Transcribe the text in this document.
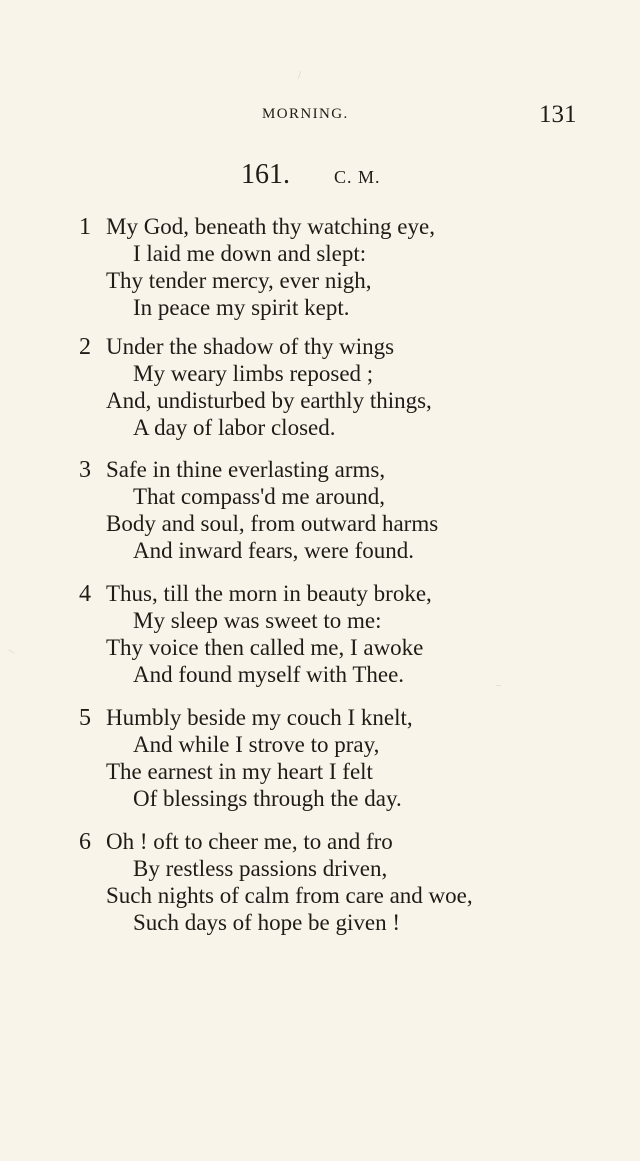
MORNING.	131
161. C. M.
1 My God, beneath thy watching eye,
I laid me down and slept:
Thy tender mercy, ever nigh,
In peace my spirit kept.
2 Under the shadow of thy wings
My weary limbs reposed ;
And, undisturbed by earthly things,
A day of labor closed.
3 Safe in thine everlasting arms,
That compass'd me around,
Body and soul, from outward harms
And inward fears, were found.
4 Thus, till the morn in beauty broke,
My sleep was sweet to me:
Thy voice then called me, I awoke
And found myself with Thee.
5 Humbly beside my couch I knelt,
And while I strove to pray,
The earnest in my heart I felt
Of blessings through the day.
6 Oh ! oft to cheer me, to and fro
By restless passions driven,
Such nights of calm from care and woe,
Such days of hope be given !
